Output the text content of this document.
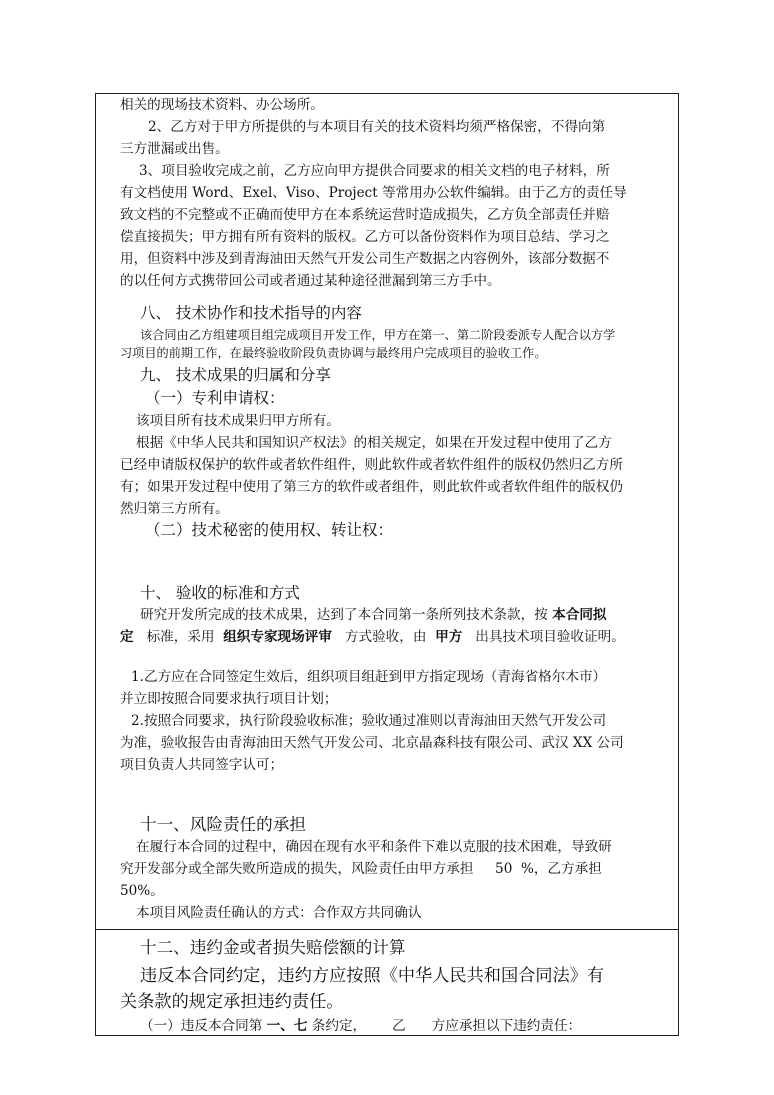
相关的现场技术资料、办公场所。
2、乙方对于甲方所提供的与本项目有关的技术资料均须严格保密，不得向第
三方泄漏或出售。
3、项目验收完成之前，乙方应向甲方提供合同要求的相关文档的电子材料，所
有文档使用 Word、Exel、Viso、Project 等常用办公软件编辑。由于乙方的责任导
致文档的不完整或不正确而使甲方在本系统运营时造成损失，乙方负全部责任并赔
偿直接损失；甲方拥有所有资料的版权。乙方可以备份资料作为项目总结、学习之
用，但资料中涉及到青海油田天然气开发公司生产数据之内容例外，该部分数据不
的以任何方式携带回公司或者通过某种途径泄漏到第三方手中。
八、 技术协作和技术指导的内容
该合同由乙方组建项目组完成项目开发工作，甲方在第一、第二阶段委派专人配合以方学
习项目的前期工作，在最终验收阶段负责协调与最终用户完成项目的验收工作。
九、 技术成果的归属和分享
（一）专利申请权：
该项目所有技术成果归甲方所有。
根据《中华人民共和国知识产权法》的相关规定，如果在开发过程中使用了乙方
已经申请版权保护的软件或者软件组件，则此软件或者软件组件的版权仍然归乙方所
有；如果开发过程中使用了第三方的软件或者组件，则此软件或者软件组件的版权仍
然归第三方所有。
（二）技术秘密的使用权、转让权：
十、 验收的标准和方式
研究开发所完成的技术成果，达到了本合同第一条所列技术条款，按 本合同拟
定 标准，采用 组织专家现场评审 方式验收，由 甲方 出具技术项目验收证明。
1.乙方应在合同签定生效后，组织项目组赶到甲方指定现场（青海省格尔木市）
并立即按照合同要求执行项目计划；
2.按照合同要求，执行阶段验收标准；验收通过准则以青海油田天然气开发公司
为准，验收报告由青海油田天然气开发公司、北京晶森科技有限公司、武汉 XX 公司
项目负责人共同签字认可；
十一、风险责任的承担
在履行本合同的过程中，确因在现有水平和条件下难以克服的技术困难，导致研
究开发部分或全部失败所造成的损失，风险责任由甲方承担 50 %，乙方承担
50%。
本项目风险责任确认的方式：合作双方共同确认
十二、违约金或者损失赔偿额的计算
违反本合同约定，违约方应按照《中华人民共和国合同法》有
关条款的规定承担违约责任。
（一）违反本合同第 一、七 条约定， 乙 方应承担以下违约责任：
